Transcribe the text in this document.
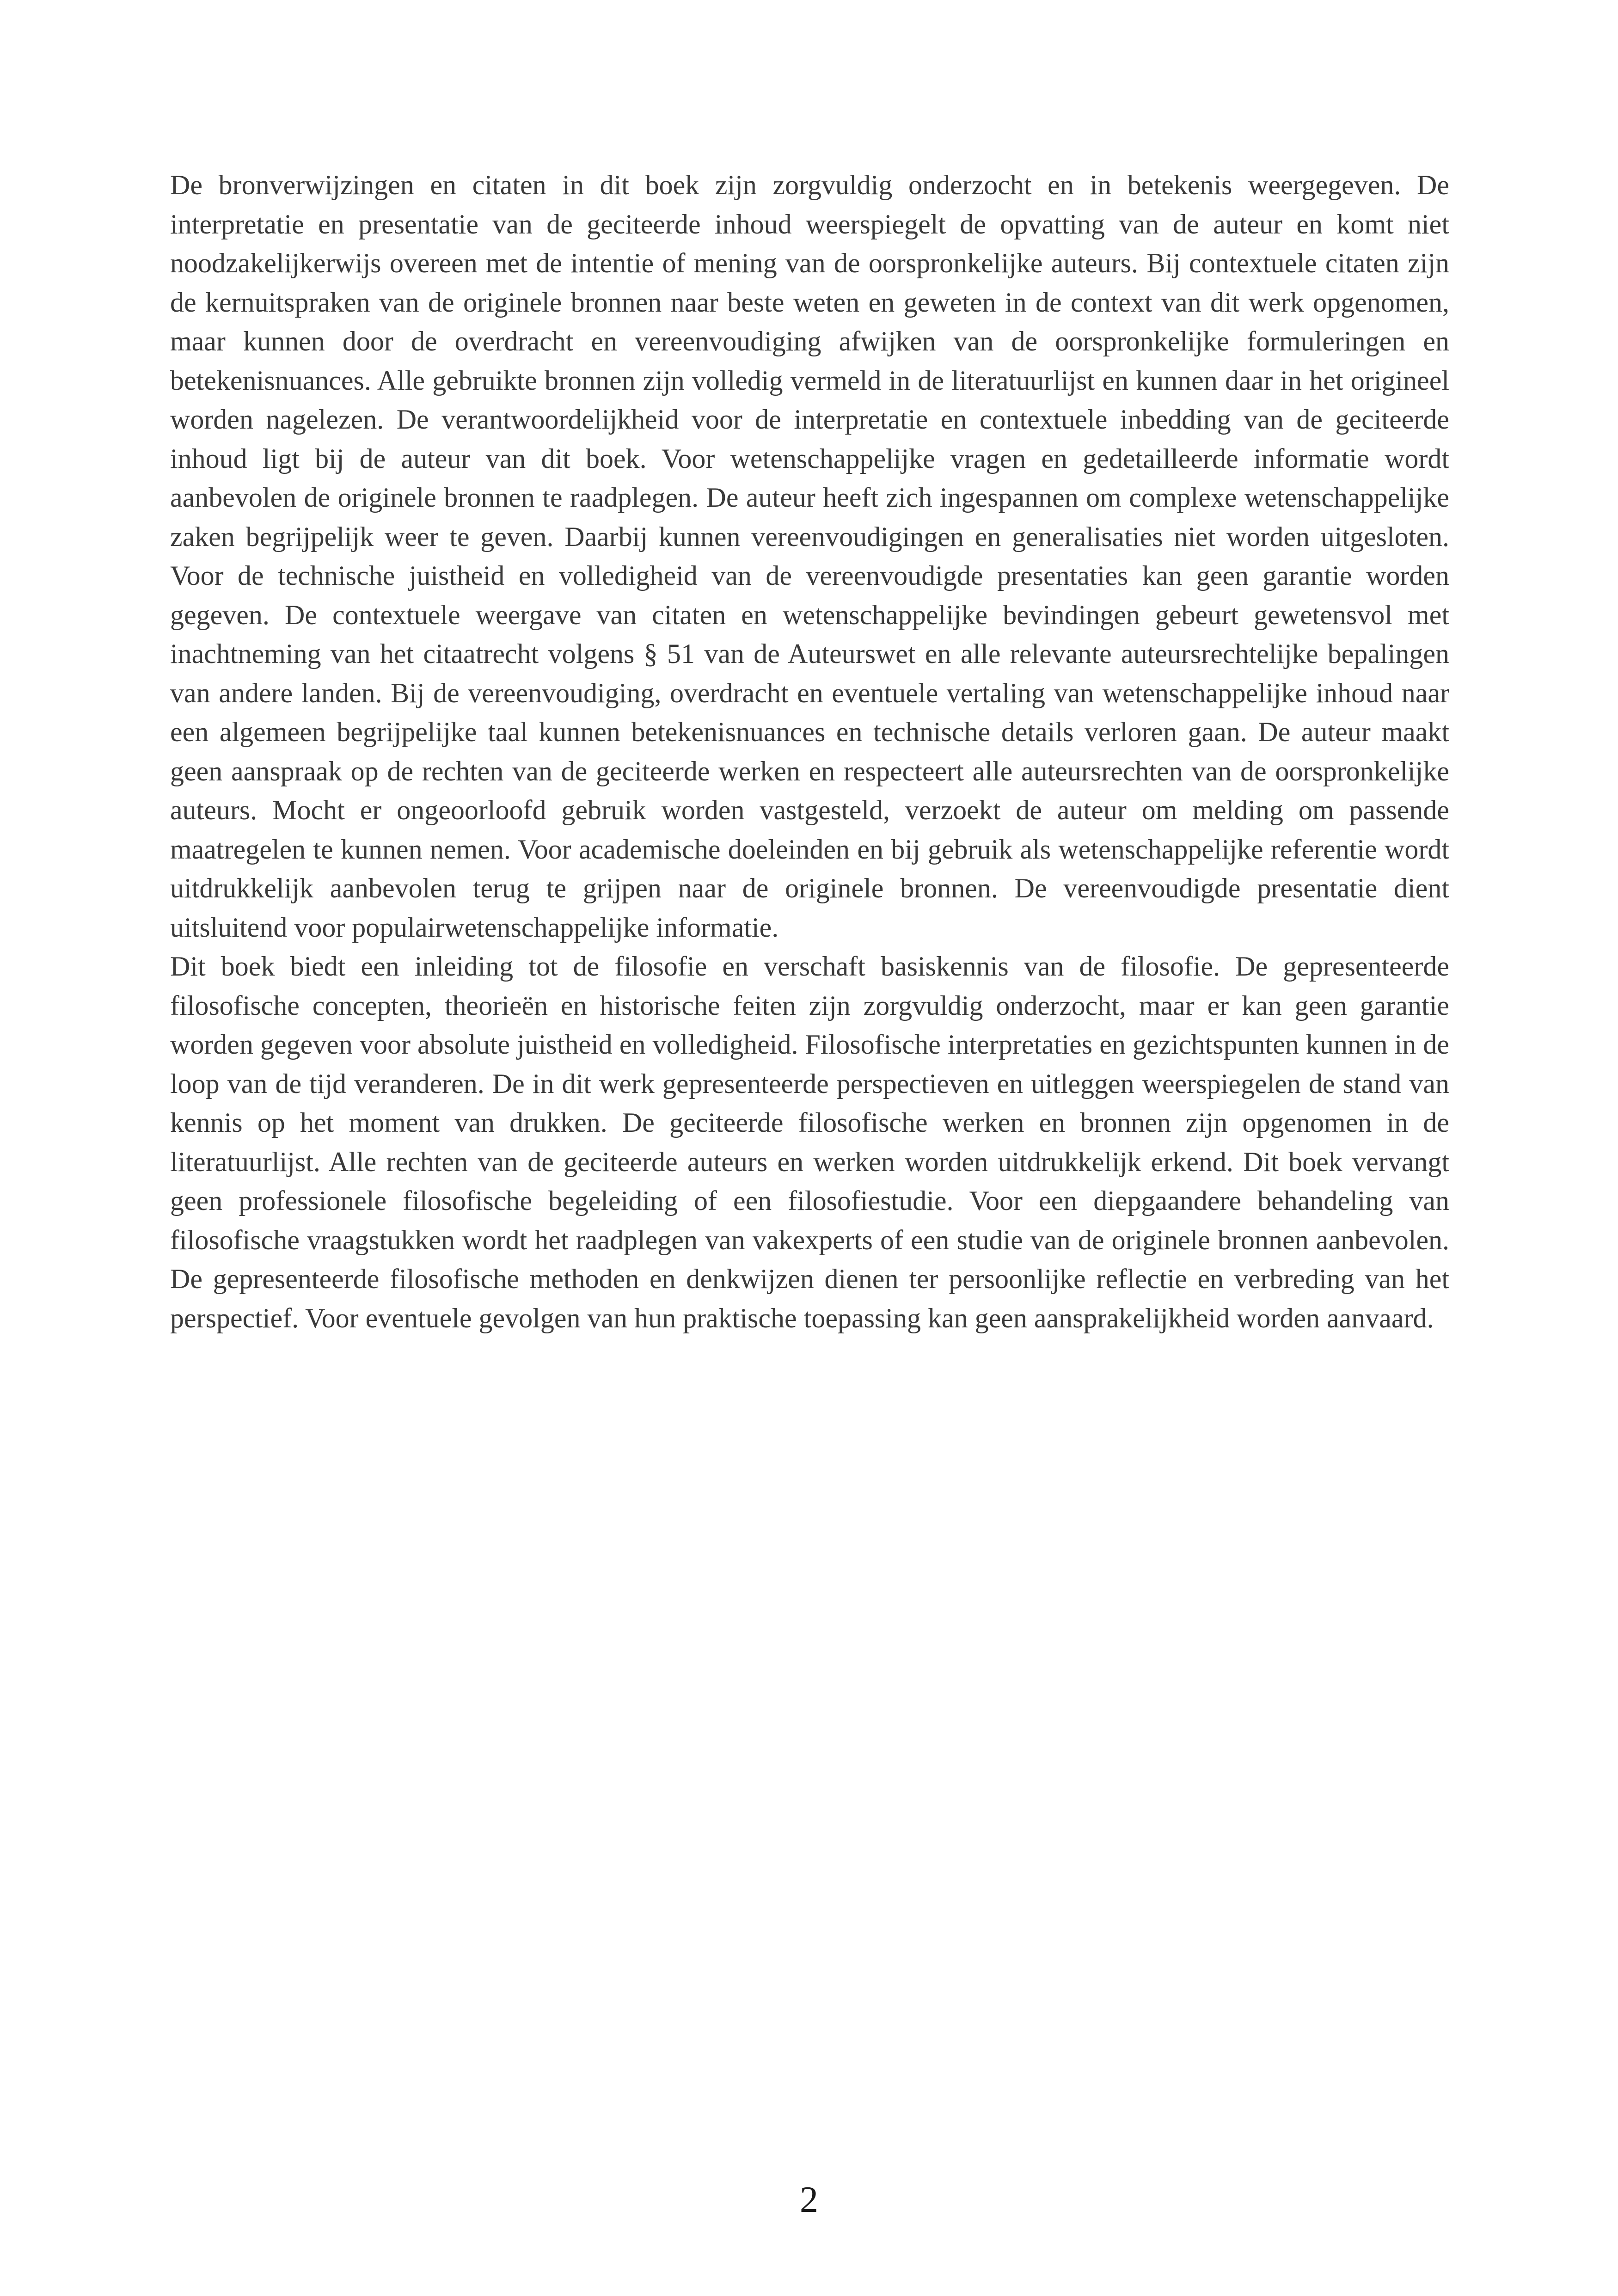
De bronverwijzingen en citaten in dit boek zijn zorgvuldig onderzocht en in betekenis weergegeven. De interpretatie en presentatie van de geciteerde inhoud weerspiegelt de opvatting van de auteur en komt niet noodzakelijkerwijs overeen met de intentie of mening van de oorspronkelijke auteurs. Bij contextuele citaten zijn de kernuitspraken van de originele bronnen naar beste weten en geweten in de context van dit werk opgenomen, maar kunnen door de overdracht en vereenvoudiging afwijken van de oorspronkelijke formuleringen en betekenisnuances. Alle gebruikte bronnen zijn volledig vermeld in de literatuurlijst en kunnen daar in het origineel worden nagelezen. De verantwoordelijkheid voor de interpretatie en contextuele inbedding van de geciteerde inhoud ligt bij de auteur van dit boek. Voor wetenschappelijke vragen en gedetailleerde informatie wordt aanbevolen de originele bronnen te raadplegen. De auteur heeft zich ingespannen om complexe wetenschappelijke zaken begrijpelijk weer te geven. Daarbij kunnen vereenvoudigingen en generalisaties niet worden uitgesloten. Voor de technische juistheid en volledigheid van de vereenvoudigde presentaties kan geen garantie worden gegeven. De contextuele weergave van citaten en wetenschappelijke bevindingen gebeurt gewetensvol met inachtneming van het citaatrecht volgens § 51 van de Auteurswet en alle relevante auteursrechtelijke bepalingen van andere landen. Bij de vereenvoudiging, overdracht en eventuele vertaling van wetenschappelijke inhoud naar een algemeen begrijpelijke taal kunnen betekenisnuances en technische details verloren gaan. De auteur maakt geen aanspraak op de rechten van de geciteerde werken en respecteert alle auteursrechten van de oorspronkelijke auteurs. Mocht er ongeoorloofd gebruik worden vastgesteld, verzoekt de auteur om melding om passende maatregelen te kunnen nemen. Voor academische doeleinden en bij gebruik als wetenschappelijke referentie wordt uitdrukkelijk aanbevolen terug te grijpen naar de originele bronnen. De vereenvoudigde presentatie dient uitsluitend voor populairwetenschappelijke informatie.

Dit boek biedt een inleiding tot de filosofie en verschaft basiskennis van de filosofie. De gepresenteerde filosofische concepten, theorieën en historische feiten zijn zorgvuldig onderzocht, maar er kan geen garantie worden gegeven voor absolute juistheid en volledigheid. Filosofische interpretaties en gezichtspunten kunnen in de loop van de tijd veranderen. De in dit werk gepresenteerde perspectieven en uitleggen weerspiegelen de stand van kennis op het moment van drukken. De geciteerde filosofische werken en bronnen zijn opgenomen in de literatuurlijst. Alle rechten van de geciteerde auteurs en werken worden uitdrukkelijk erkend. Dit boek vervangt geen professionele filosofische begeleiding of een filosofiestudie. Voor een diepgaandere behandeling van filosofische vraagstukken wordt het raadplegen van vakexperts of een studie van de originele bronnen aanbevolen. De gepresenteerde filosofische methoden en denkwijzen dienen ter persoonlijke reflectie en verbreding van het perspectief. Voor eventuele gevolgen van hun praktische toepassing kan geen aansprakelijkheid worden aanvaard.

2
